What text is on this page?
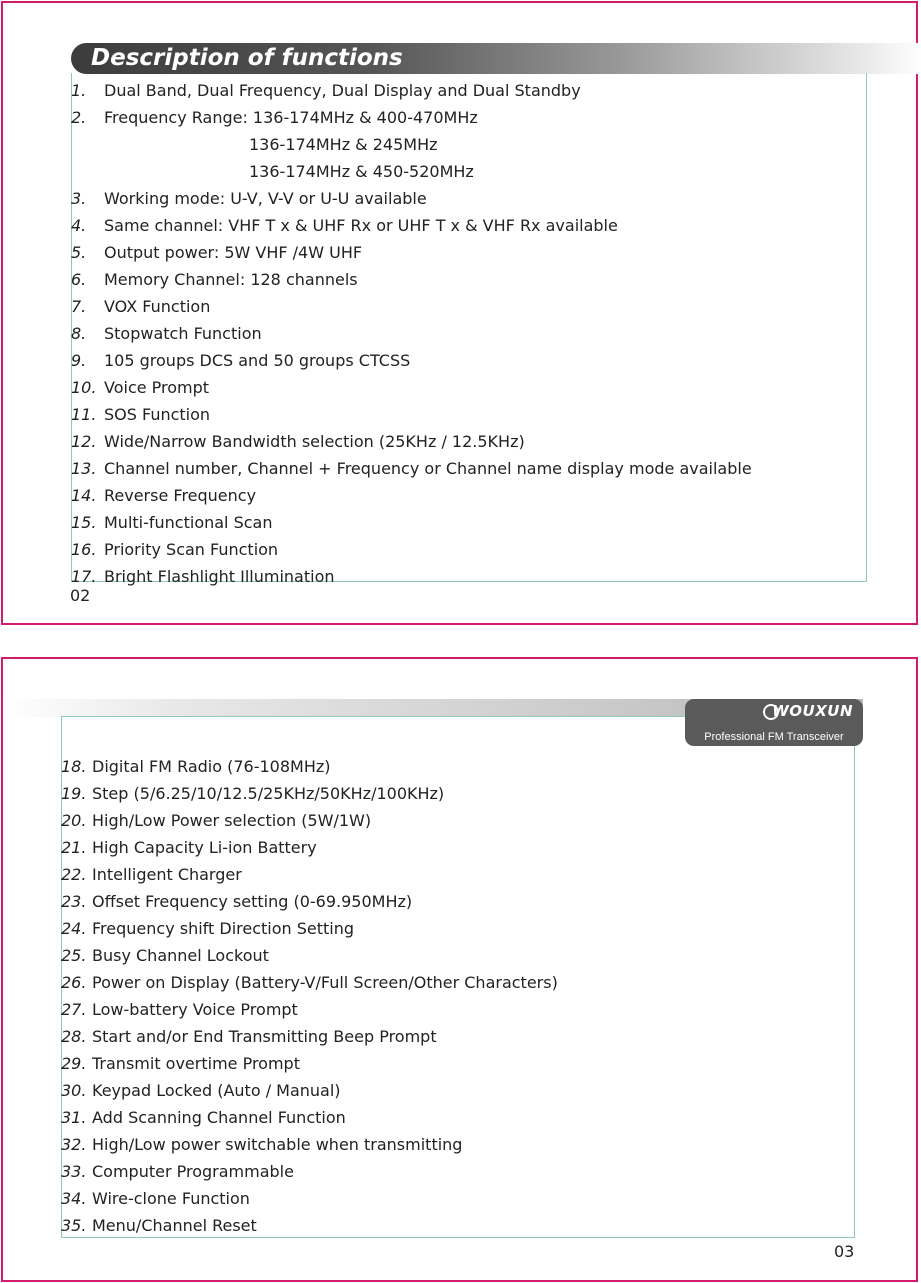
Description of functions
1. Dual Band, Dual Frequency, Dual Display and Dual Standby
2. Frequency Range: 136-174MHz & 400-470MHz
136-174MHz & 245MHz
136-174MHz & 450-520MHz
3. Working mode: U-V, V-V or U-U available
4. Same channel: VHF T x & UHF Rx or UHF T x & VHF Rx available
5. Output power: 5W VHF /4W UHF
6. Memory Channel: 128 channels
7. VOX Function
8. Stopwatch Function
9. 105 groups DCS and 50 groups CTCSS
10. Voice Prompt
11. SOS Function
12. Wide/Narrow Bandwidth selection (25KHz / 12.5KHz)
13. Channel number, Channel + Frequency or Channel name display mode available
14. Reverse Frequency
15. Multi-functional Scan
16. Priority Scan Function
17. Bright Flashlight Illumination
02
WOUXUN
Professional FM Transceiver
18. Digital FM Radio (76-108MHz)
19. Step (5/6.25/10/12.5/25KHz/50KHz/100KHz)
20. High/Low Power selection (5W/1W)
21. High Capacity Li-ion Battery
22. Intelligent Charger
23. Offset Frequency setting (0-69.950MHz)
24. Frequency shift Direction Setting
25. Busy Channel Lockout
26. Power on Display (Battery-V/Full Screen/Other Characters)
27. Low-battery Voice Prompt
28. Start and/or End Transmitting Beep Prompt
29. Transmit overtime Prompt
30. Keypad Locked (Auto / Manual)
31. Add Scanning Channel Function
32. High/Low power switchable when transmitting
33. Computer Programmable
34. Wire-clone Function
35. Menu/Channel Reset
03
